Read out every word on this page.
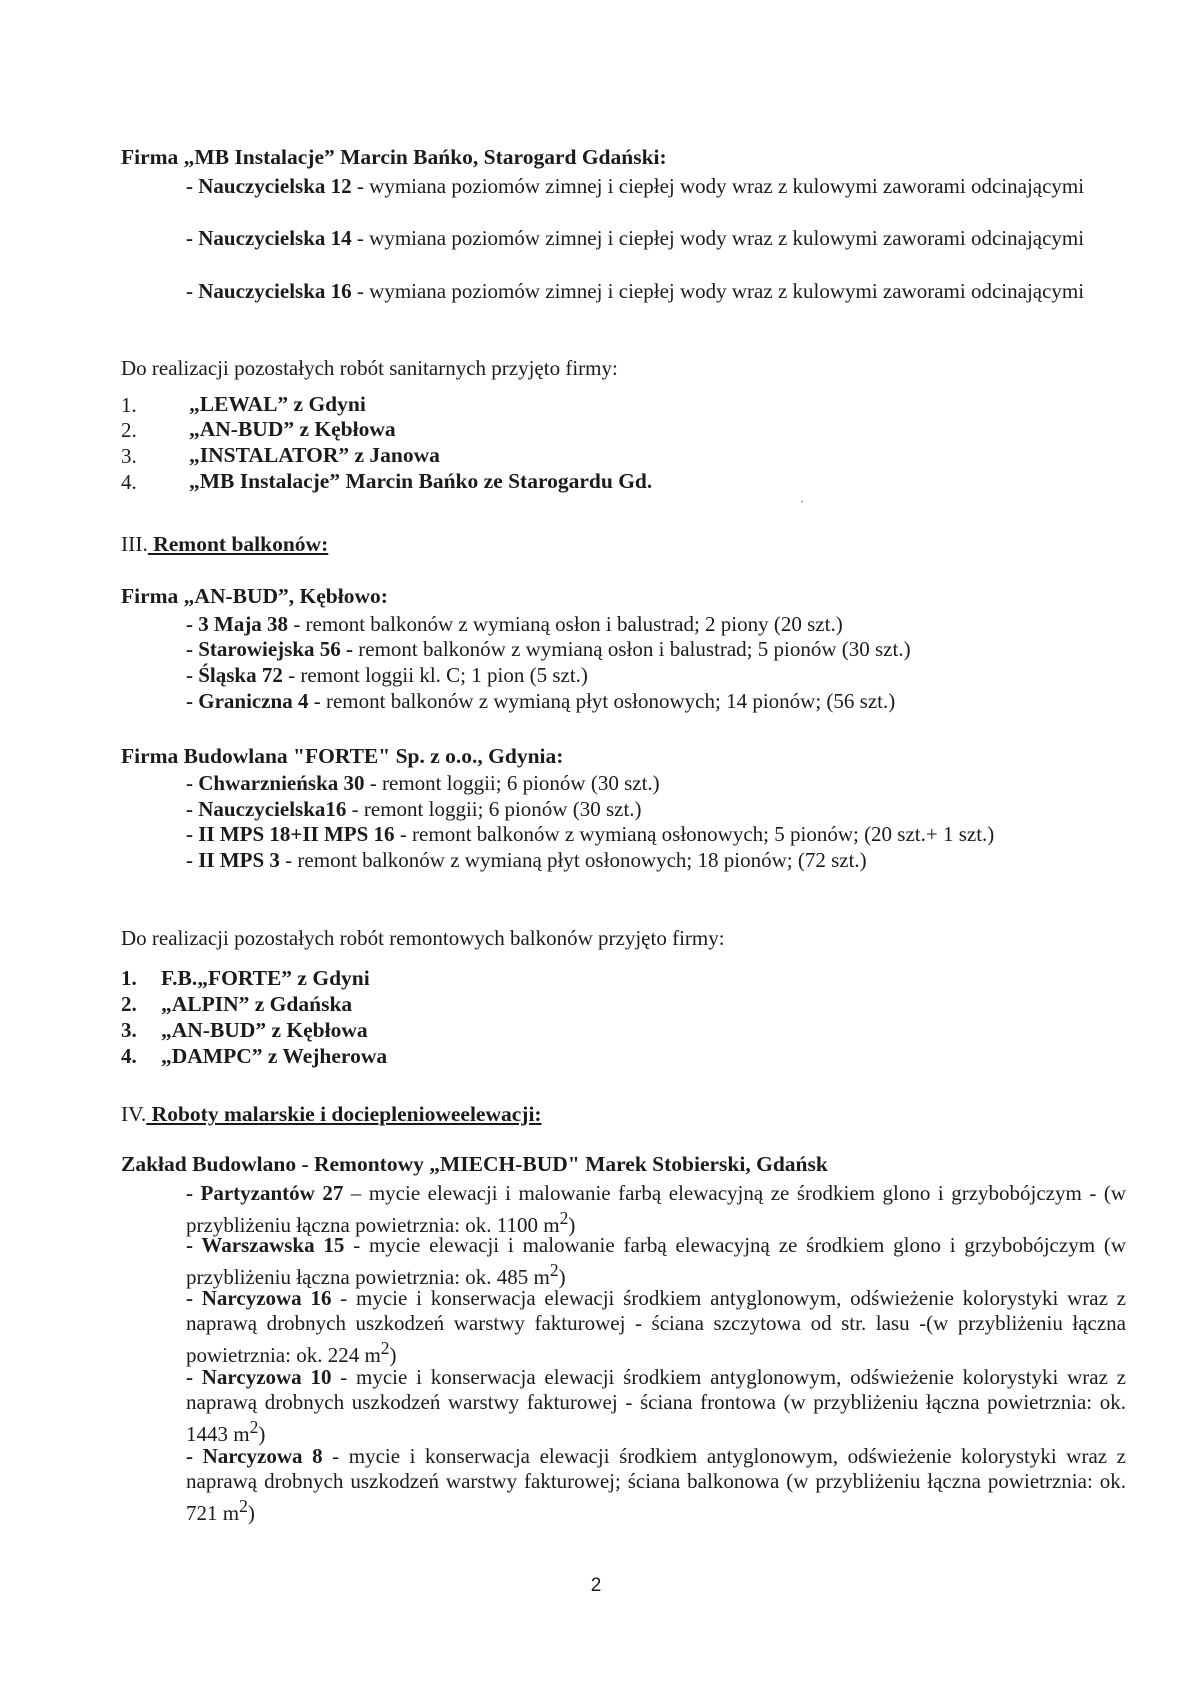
Firma „MB Instalacje” Marcin Bańko, Starogard Gdański:
- Nauczycielska 12 - wymiana poziomów zimnej i ciepłej wody wraz z kulowymi zaworami odcinającymi
- Nauczycielska 14 - wymiana poziomów zimnej i ciepłej wody wraz z kulowymi zaworami odcinającymi
- Nauczycielska 16 - wymiana poziomów zimnej i ciepłej wody wraz z kulowymi zaworami odcinającymi
Do realizacji pozostałych robót sanitarnych przyjęto firmy:
1. „LEWAL” z Gdyni
2. „AN-BUD” z Kębłowa
3. „INSTALATOR” z Janowa
4. „MB Instalacje” Marcin Bańko ze Starogardu Gd.
III. Remont balkonów:
Firma „AN-BUD”, Kębłowo:
- 3 Maja 38 - remont balkonów z wymianą osłon i balustrad; 2 piony (20 szt.)
- Starowiejska 56 - remont balkonów z wymianą osłon i balustrad; 5 pionów (30 szt.)
- Śląska 72 - remont loggii kl. C; 1 pion (5 szt.)
- Graniczna 4 - remont balkonów z wymianą płyt osłonowych; 14 pionów; (56 szt.)
Firma Budowlana "FORTE" Sp. z o.o., Gdynia:
- Chwarznieńska 30 - remont loggii; 6 pionów (30 szt.)
- Nauczycielska16 - remont loggii; 6 pionów (30 szt.)
- II MPS 18+II MPS 16 - remont balkonów z wymianą osłonowych; 5 pionów; (20 szt.+ 1 szt.)
- II MPS 3 - remont balkonów z wymianą płyt osłonowych; 18 pionów; (72 szt.)
Do realizacji pozostałych robót remontowych balkonów przyjęto firmy:
1. F.B.„FORTE” z Gdyni
2. „ALPIN” z Gdańska
3. „AN-BUD” z Kębłowa
4. „DAMPC” z Wejherowa
IV. Roboty malarskie i docieplenioweelewacji:
Zakład Budowlano - Remontowy „MIECH-BUD" Marek Stobierski, Gdańsk
- Partyzantów 27 – mycie elewacji i malowanie farbą elewacyjną ze środkiem glono i grzybobójczym - (w przybliżeniu łączna powietrznia: ok. 1100 $m^2$)
- Warszawska 15 - mycie elewacji i malowanie farbą elewacyjną ze środkiem glono i grzybobójczym (w przybliżeniu łączna powietrznia: ok. 485 $m^2$)
- Narcyzowa 16 - mycie i konserwacja elewacji środkiem antyglonowym, odświeżenie kolorystyki wraz z naprawą drobnych uszkodzeń warstwy fakturowej - ściana szczytowa od str. lasu -(w przybliżeniu łączna powietrznia: ok. 224 $m^2$)
- Narcyzowa 10 - mycie i konserwacja elewacji środkiem antyglonowym, odświeżenie kolorystyki wraz z naprawą drobnych uszkodzeń warstwy fakturowej - ściana frontowa (w przybliżeniu łączna powietrznia: ok. 1443 $m^2$)
- Narcyzowa 8 - mycie i konserwacja elewacji środkiem antyglonowym, odświeżenie kolorystyki wraz z naprawą drobnych uszkodzeń warstwy fakturowej; ściana balkonowa (w przybliżeniu łączna powietrznia: ok. 721 $m^2$)
2
